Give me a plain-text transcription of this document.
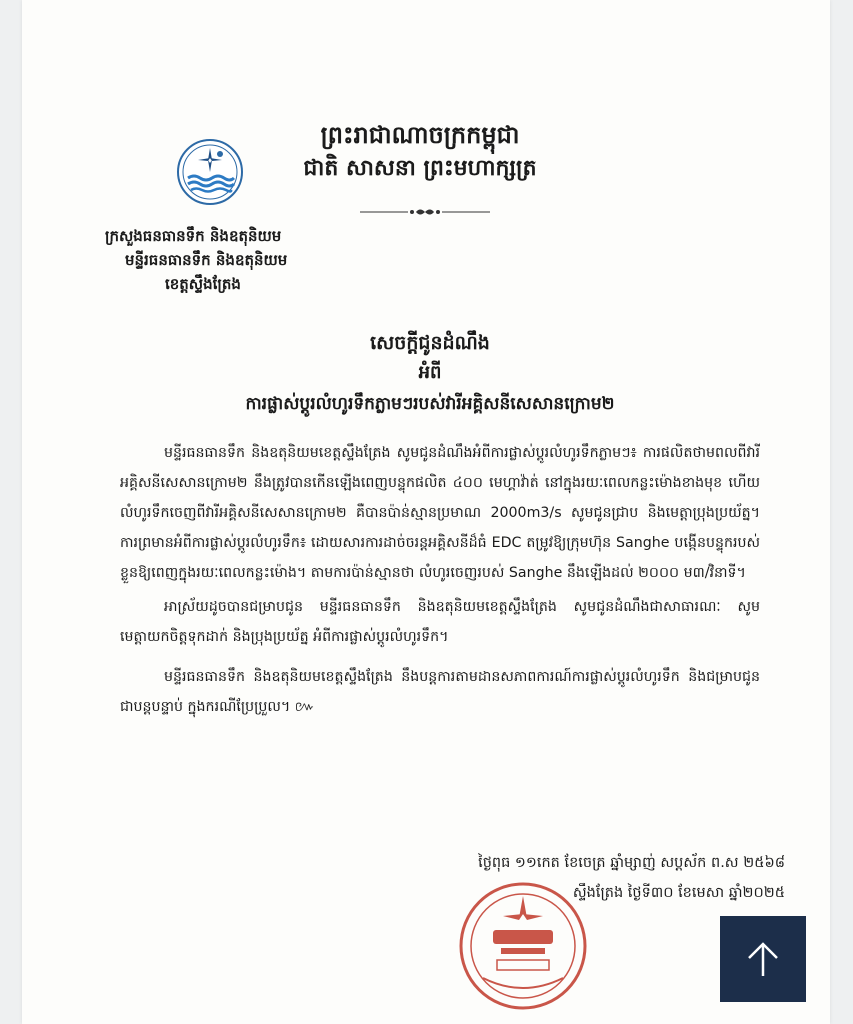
ព្រះរាជាណាចក្រកម្ពុជា
ជាតិ សាសនា ព្រះមហាក្សត្រ
ក្រសួងធនធានទឹក និងឧតុនិយម
មន្ទីរធនធានទឹក និងឧតុនិយម
ខេត្តស្ទឹងត្រែង
សេចក្តីជូនដំណឹង
អំពី
ការផ្លាស់ប្តូរលំហូរទឹកភ្លាមៗរបស់វារីអគ្គិសនីសេសានក្រោម២

មន្ទីរធនធានទឹក និងឧតុនិយមខេត្តស្ទឹងត្រែង សូមជូនដំណឹងអំពីការផ្លាស់ប្តូរលំហូរទឹកភ្លាមៗ៖ ការផលិតថាមពលពីវារីអគ្គិសនីសេសានក្រោម២ នឹងត្រូវបានកើនឡើងពេញបន្ទុកផលិត ៤០០ មេហ្គាវ៉ាត់ នៅក្នុងរយៈពេលកន្លះម៉ោងខាងមុខ ហើយលំហូរទឹកចេញពីវារីអគ្គិសនីសេសានក្រោម២ គឺបានប៉ាន់ស្មានប្រមាណ 2000m3/s សូមជូនជ្រាប និងមេត្តាប្រុងប្រយ័ត្ន។ ការព្រមានអំពីការផ្លាស់ប្តូរលំហូរទឹក៖ ដោយសារការដាច់ចរន្តអគ្គិសនីដ៏ធំ EDC តម្រូវឱ្យក្រុមហ៊ុន Sanghe បង្កើនបន្ទុករបស់ខ្លួនឱ្យពេញក្នុងរយៈពេលកន្លះម៉ោង។ តាមការប៉ាន់ស្មានថា លំហូរចេញរបស់ Sanghe នឹងឡើងដល់ ២០០០ ម៣/វិនាទី។

អាស្រ័យដូចបានជម្រាបជូន មន្ទីរធនធានទឹក និងឧតុនិយមខេត្តស្ទឹងត្រែង សូមជូនដំណឹងជាសាធារណៈ សូមមេត្តាយកចិត្តទុកដាក់ និងប្រុងប្រយ័ត្ន អំពីការផ្លាស់ប្តូរលំហូរទឹក។

មន្ទីរធនធានទឹក និងឧតុនិយមខេត្តស្ទឹងត្រែង នឹងបន្តការតាមដានសភាពការណ៍ការផ្លាស់ប្តូរលំហូរទឹក និងជម្រាបជូនជាបន្តបន្ទាប់ ក្នុងករណីប្រែប្រួល។ ៚

ថ្ងៃពុធ ១១កេត ខែចេត្រ ឆ្នាំម្សាញ់ សប្តស័ក ព.ស ២៥៦៨
ស្ទឹងត្រែង ថ្ងៃទី៣០ ខែមេសា ឆ្នាំ២០២៥
